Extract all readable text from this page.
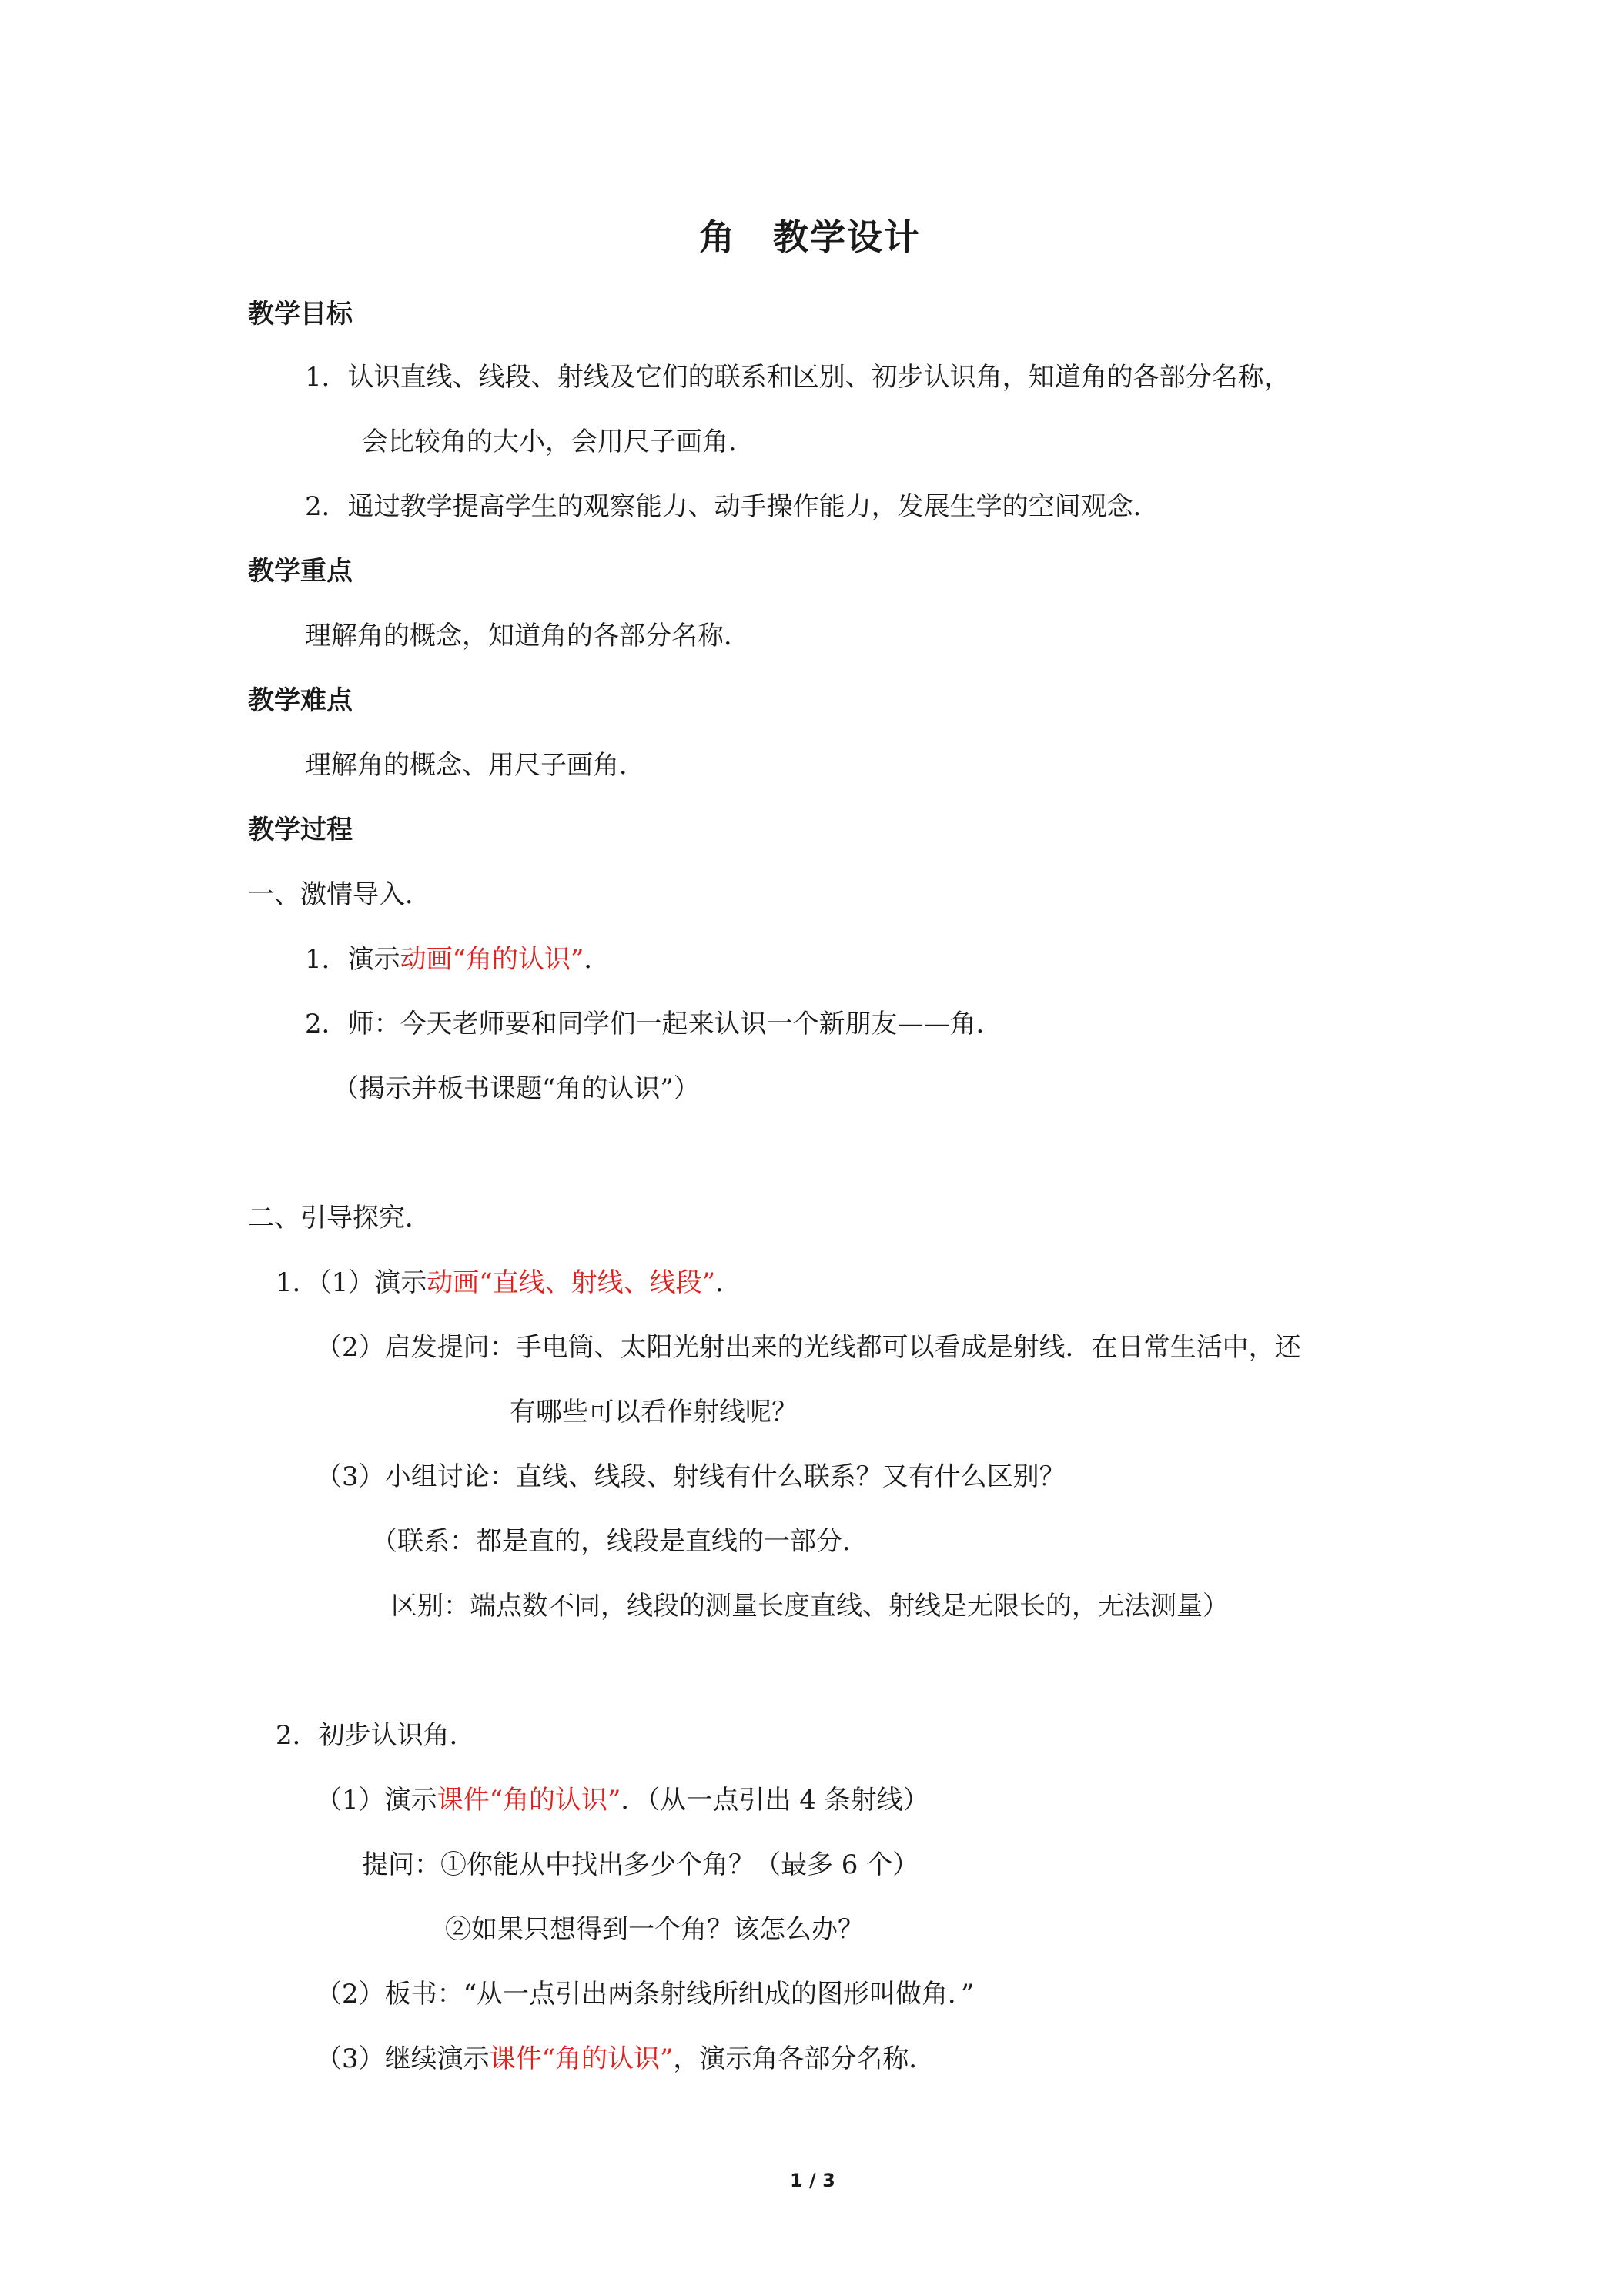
角　教学设计
教学目标
1．认识直线、线段、射线及它们的联系和区别、初步认识角，知道角的各部分名称，
会比较角的大小，会用尺子画角．
2．通过教学提高学生的观察能力、动手操作能力，发展生学的空间观念．
教学重点
理解角的概念，知道角的各部分名称．
教学难点
理解角的概念、用尺子画角．
教学过程
一、激情导入．
1．演示动画“角的认识”．
2．师：今天老师要和同学们一起来认识一个新朋友——角．
（揭示并板书课题“角的认识”）
二、引导探究．
1．（1）演示动画“直线、射线、线段”．
（2）启发提问：手电筒、太阳光射出来的光线都可以看成是射线．在日常生活中，还
有哪些可以看作射线呢？
（3）小组讨论：直线、线段、射线有什么联系？又有什么区别？
（联系：都是直的，线段是直线的一部分．
区别：端点数不同，线段的测量长度直线、射线是无限长的，无法测量）
2．初步认识角．
（1）演示课件“角的认识”．（从一点引出 4 条射线）
提问：①你能从中找出多少个角？（最多 6 个）
②如果只想得到一个角？该怎么办？
（2）板书：“从一点引出两条射线所组成的图形叫做角．”
（3）继续演示课件“角的认识”，演示角各部分名称．
1 / 3
